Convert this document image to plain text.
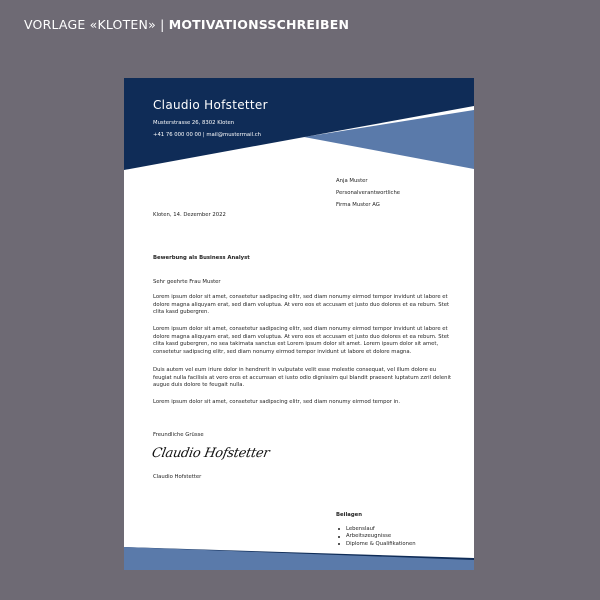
VORLAGE «KLOTEN» | MOTIVATIONSSCHREIBEN
Claudio Hofstetter
Musterstrasse 26, 8302 Kloten
+41 76 000 00 00 | mail@mustermail.ch
Anja Muster
Personalverantwortliche
Firma Muster AG
Kloten, 14. Dezember 2022
Bewerbung als Business Analyst
Sehr geehrte Frau Muster
Lorem ipsum dolor sit amet, consetetur sadipscing elitr, sed diam nonumy eirmod tempor invidunt ut labore et dolore magna aliquyam erat, sed diam voluptua. At vero eos et accusam et justo duo dolores et ea rebum. Stet clita kasd gubergren.
Lorem ipsum dolor sit amet, consetetur sadipscing elitr, sed diam nonumy eirmod tempor invidunt ut labore et dolore magna aliquyam erat, sed diam voluptua. At vero eos et accusam et justo duo dolores et ea rebum. Stet clita kasd gubergren, no sea takimata sanctus est Lorem ipsum dolor sit amet. Lorem ipsum dolor sit amet, consetetur sadipscing elitr, sed diam nonumy eirmod tempor invidunt ut labore et dolore magna.
Duis autem vel eum iriure dolor in hendrerit in vulputate velit esse molestie consequat, vel illum dolore eu feugiat nulla facilisis at vero eros et accumsan et iusto odio dignissim qui blandit praesent luptatum zzril delenit augue duis dolore te feugait nulla.
Lorem ipsum dolor sit amet, consetetur sadipscing elitr, sed diam nonumy eirmod tempor in.
Freundliche Grüsse
Claudio Hofstetter
Claudio Hofstetter
Beilagen
Lebenslauf
Arbeitszeugnisse
Diplome & Qualifikationen
